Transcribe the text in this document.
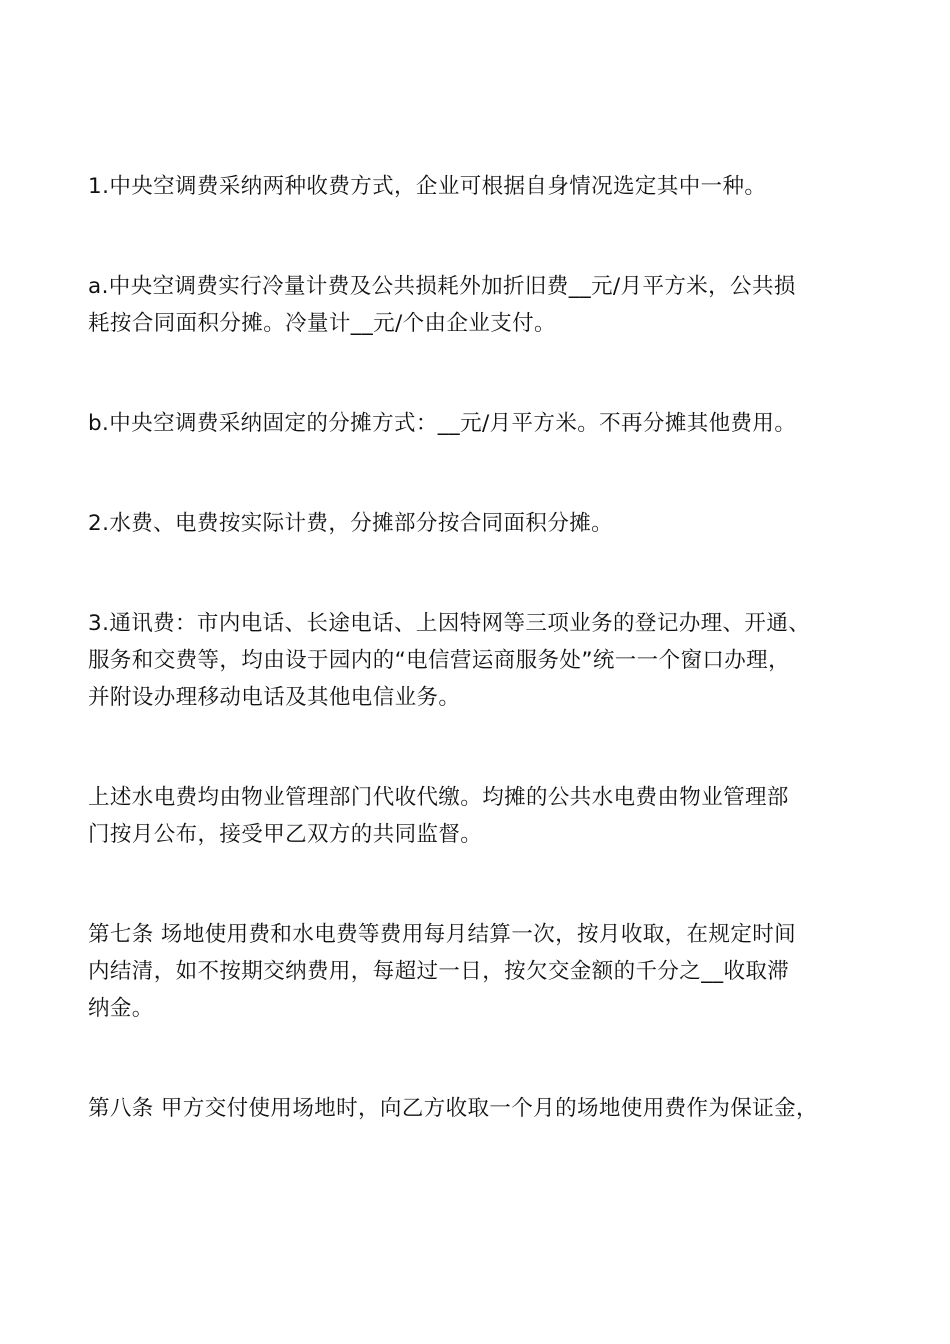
1.中央空调费采纳两种收费方式，企业可根据自身情况选定其中一种。

a.中央空调费实行冷量计费及公共损耗外加折旧费__元/月平方米，公共损
耗按合同面积分摊。冷量计__元/个由企业支付。

b.中央空调费采纳固定的分摊方式：__元/月平方米。不再分摊其他费用。

2.水费、电费按实际计费，分摊部分按合同面积分摊。

3.通讯费：市内电话、长途电话、上因特网等三项业务的登记办理、开通、
服务和交费等，均由设于园内的“电信营运商服务处”统一一个窗口办理，
并附设办理移动电话及其他电信业务。

上述水电费均由物业管理部门代收代缴。均摊的公共水电费由物业管理部
门按月公布，接受甲乙双方的共同监督。

第七条 场地使用费和水电费等费用每月结算一次，按月收取，在规定时间
内结清，如不按期交纳费用，每超过一日，按欠交金额的千分之__收取滞
纳金。

第八条 甲方交付使用场地时，向乙方收取一个月的场地使用费作为保证金，
